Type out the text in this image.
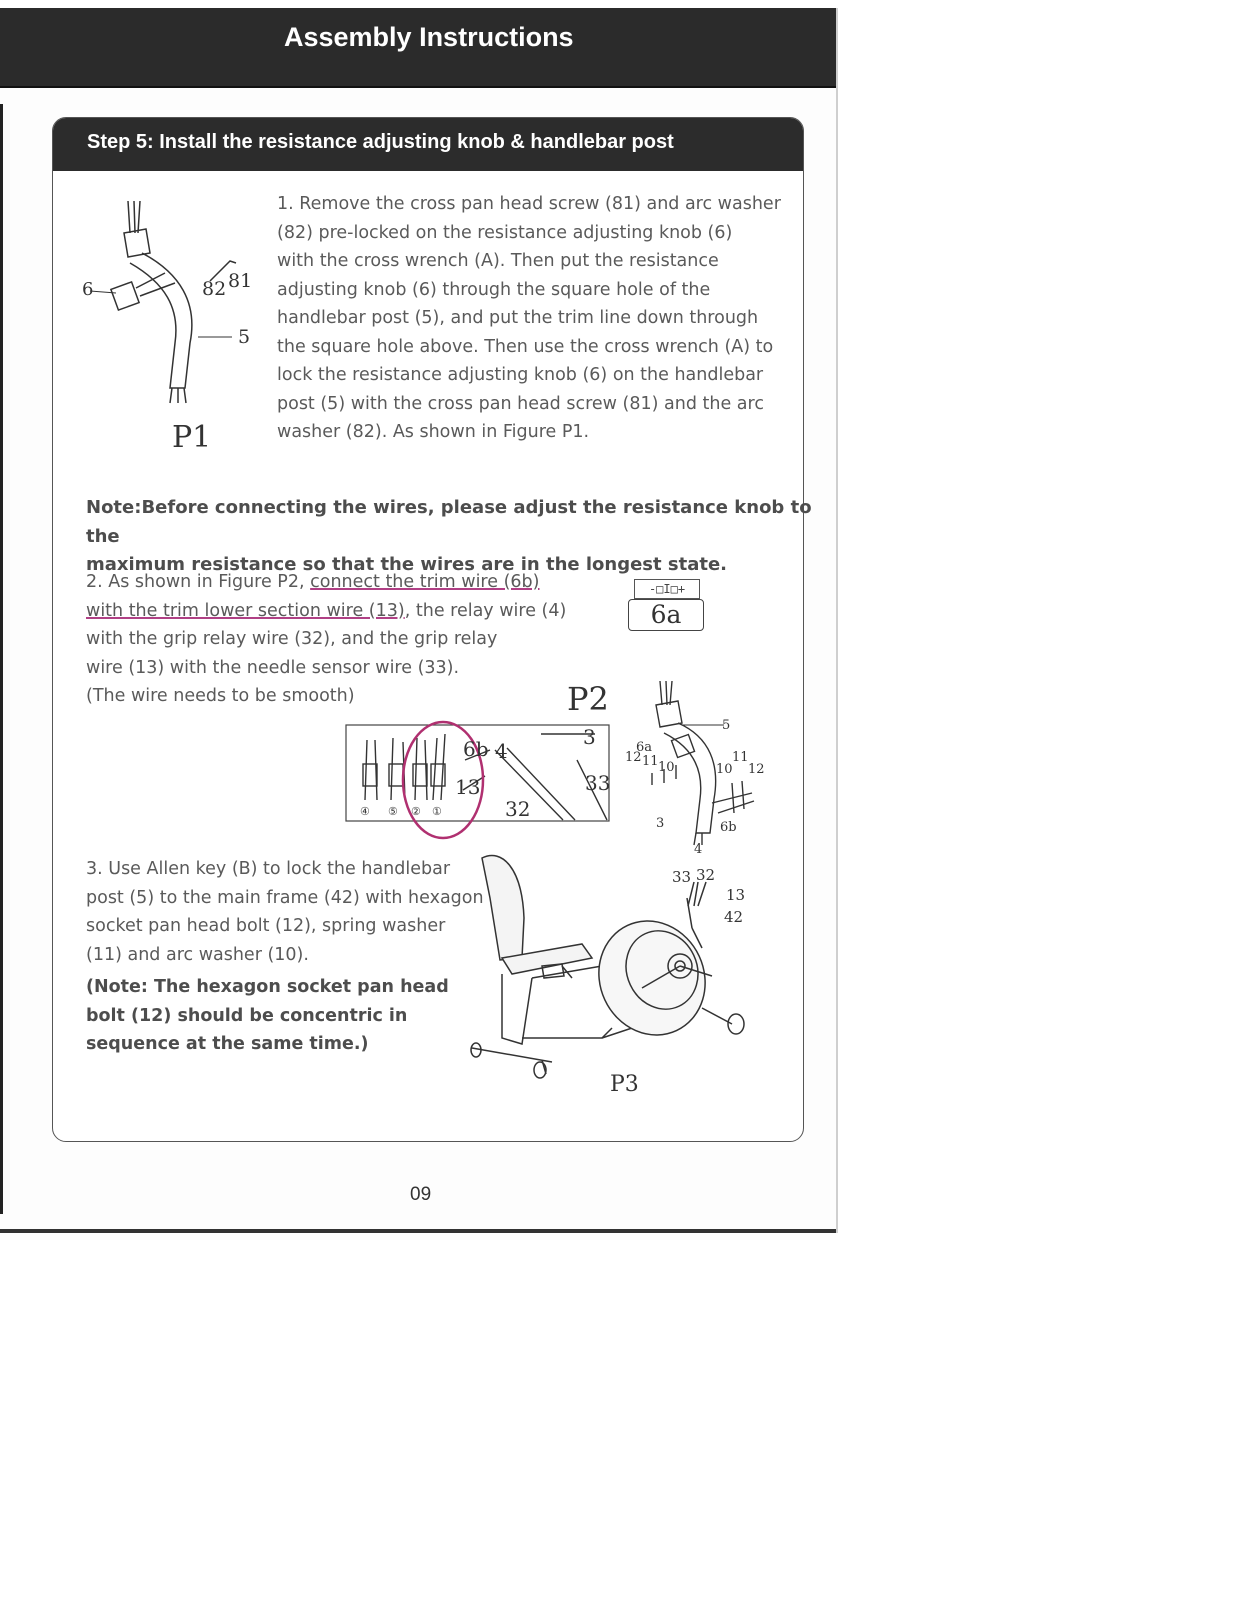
Assembly Instructions
Step 5: Install the resistance adjusting knob & handlebar post
1. Remove the cross pan head screw (81) and arc washer
(82) pre-locked on the resistance adjusting knob (6)
with the cross wrench (A). Then put the resistance
adjusting knob (6) through the square hole of the
handlebar post (5), and put the trim line down through
the square hole above. Then use the cross wrench (A) to
lock the resistance adjusting knob (6) on the handlebar
post (5) with the cross pan head screw (81) and the arc
washer (82). As shown in Figure P1.
6	82 81
5
P1
Note:Before connecting the wires, please adjust the resistance knob to the
maximum resistance so that the wires are in the longest state.
2. As shown in Figure P2, connect the trim wire (6b)
with the trim lower section wire (13), the relay wire (4)
with the grip relay wire (32), and the grip relay
wire (13) with the needle sensor wire (33).
(The wire needs to be smooth)
-□I□+
6a
P2
④ ⑤ ② ①
6b 4
13
3
33
32
6a
5
12 11 10
11
10 12
3	6b
4
3. Use Allen key (B) to lock the handlebar
post (5) to the main frame (42) with hexagon
socket pan head bolt (12), spring washer
(11) and arc washer (10).
(Note: The hexagon socket pan head
bolt (12) should be concentric in
sequence at the same time.)
33 32
13
42
P3
09
